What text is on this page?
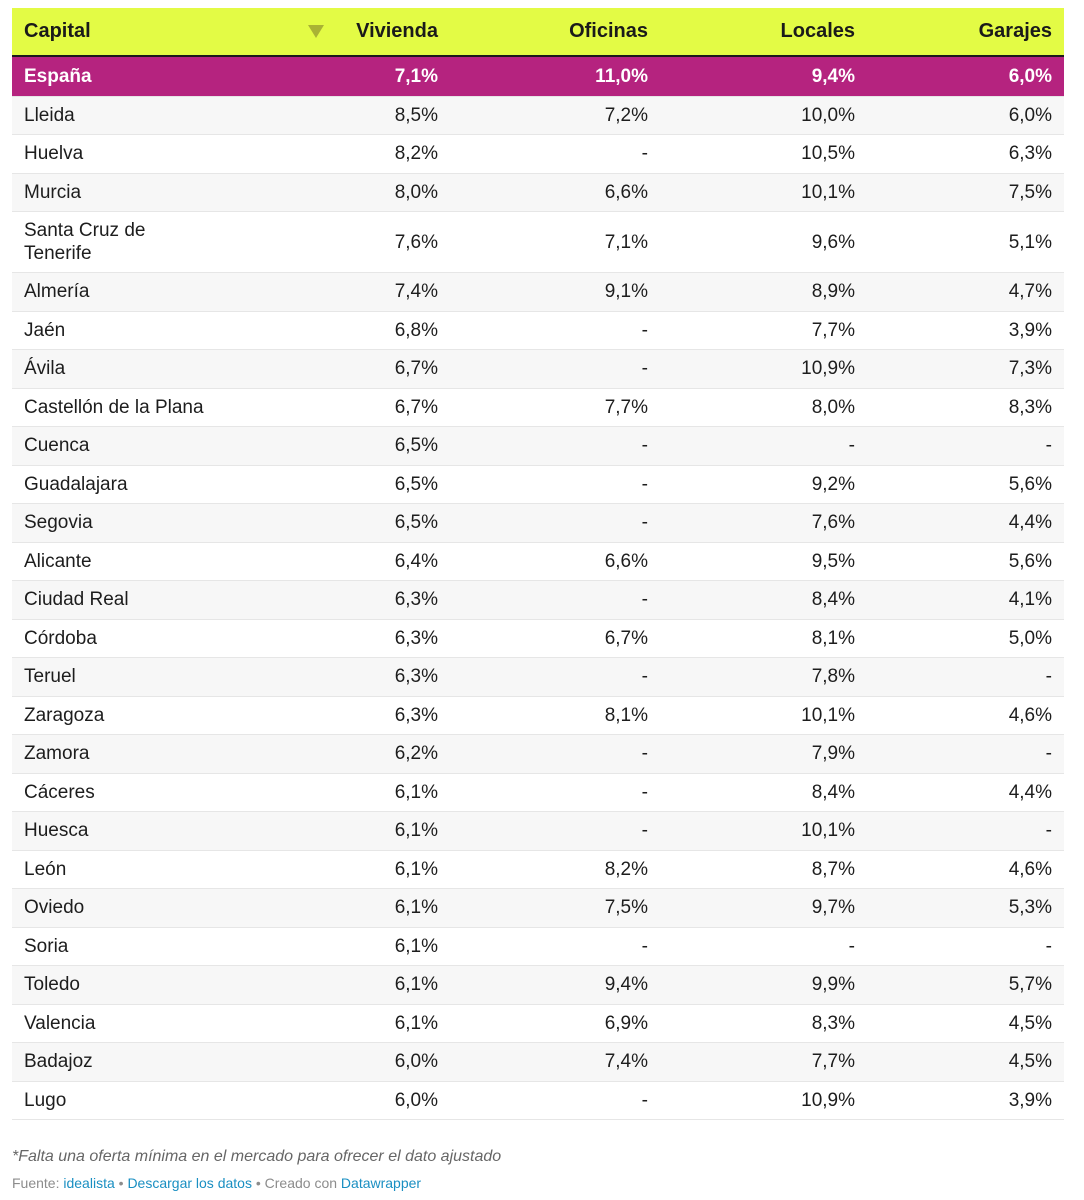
Capital	Vivienda	Oficinas	Locales	Garajes
España	7,1%	11,0%	9,4%	6,0%
Lleida	8,5%	7,2%	10,0%	6,0%
Huelva	8,2%	-	10,5%	6,3%
Murcia	8,0%	6,6%	10,1%	7,5%
Santa Cruz de Tenerife	7,6%	7,1%	9,6%	5,1%
Almería	7,4%	9,1%	8,9%	4,7%
Jaén	6,8%	-	7,7%	3,9%
Ávila	6,7%	-	10,9%	7,3%
Castellón de la Plana	6,7%	7,7%	8,0%	8,3%
Cuenca	6,5%	-	-	-
Guadalajara	6,5%	-	9,2%	5,6%
Segovia	6,5%	-	7,6%	4,4%
Alicante	6,4%	6,6%	9,5%	5,6%
Ciudad Real	6,3%	-	8,4%	4,1%
Córdoba	6,3%	6,7%	8,1%	5,0%
Teruel	6,3%	-	7,8%	-
Zaragoza	6,3%	8,1%	10,1%	4,6%
Zamora	6,2%	-	7,9%	-
Cáceres	6,1%	-	8,4%	4,4%
Huesca	6,1%	-	10,1%	-
León	6,1%	8,2%	8,7%	4,6%
Oviedo	6,1%	7,5%	9,7%	5,3%
Soria	6,1%	-	-	-
Toledo	6,1%	9,4%	9,9%	5,7%
Valencia	6,1%	6,9%	8,3%	4,5%
Badajoz	6,0%	7,4%	7,7%	4,5%
Lugo	6,0%	-	10,9%	3,9%
*Falta una oferta mínima en el mercado para ofrecer el dato ajustado
Fuente: idealista • Descargar los datos • Creado con Datawrapper
